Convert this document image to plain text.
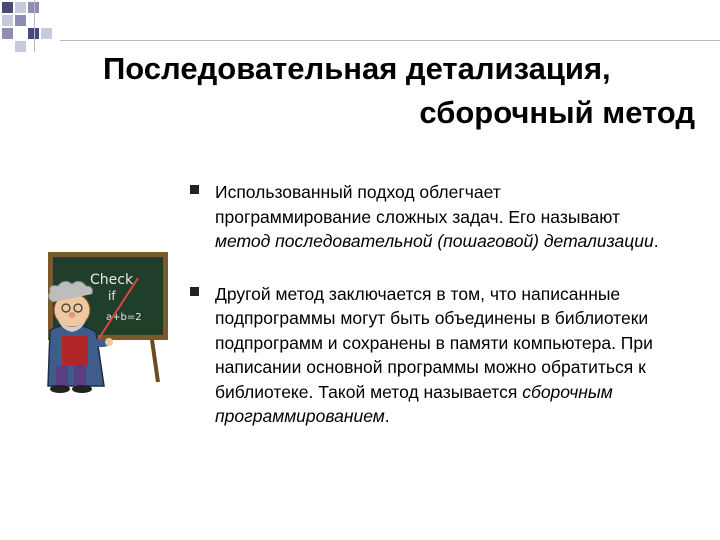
Последовательная детализация,
сборочный метод
Check
if
a+b=2
Использованный подход облегчает программирование сложных задач. Его называют метод последовательной (пошаговой) детализации.
Другой метод заключается в том, что написанные подпрограммы могут быть объединены в библиотеки подпрограмм и сохранены в памяти компьютера. При написании основной программы можно обратиться к библиотеке. Такой метод называется сборочным программированием.
